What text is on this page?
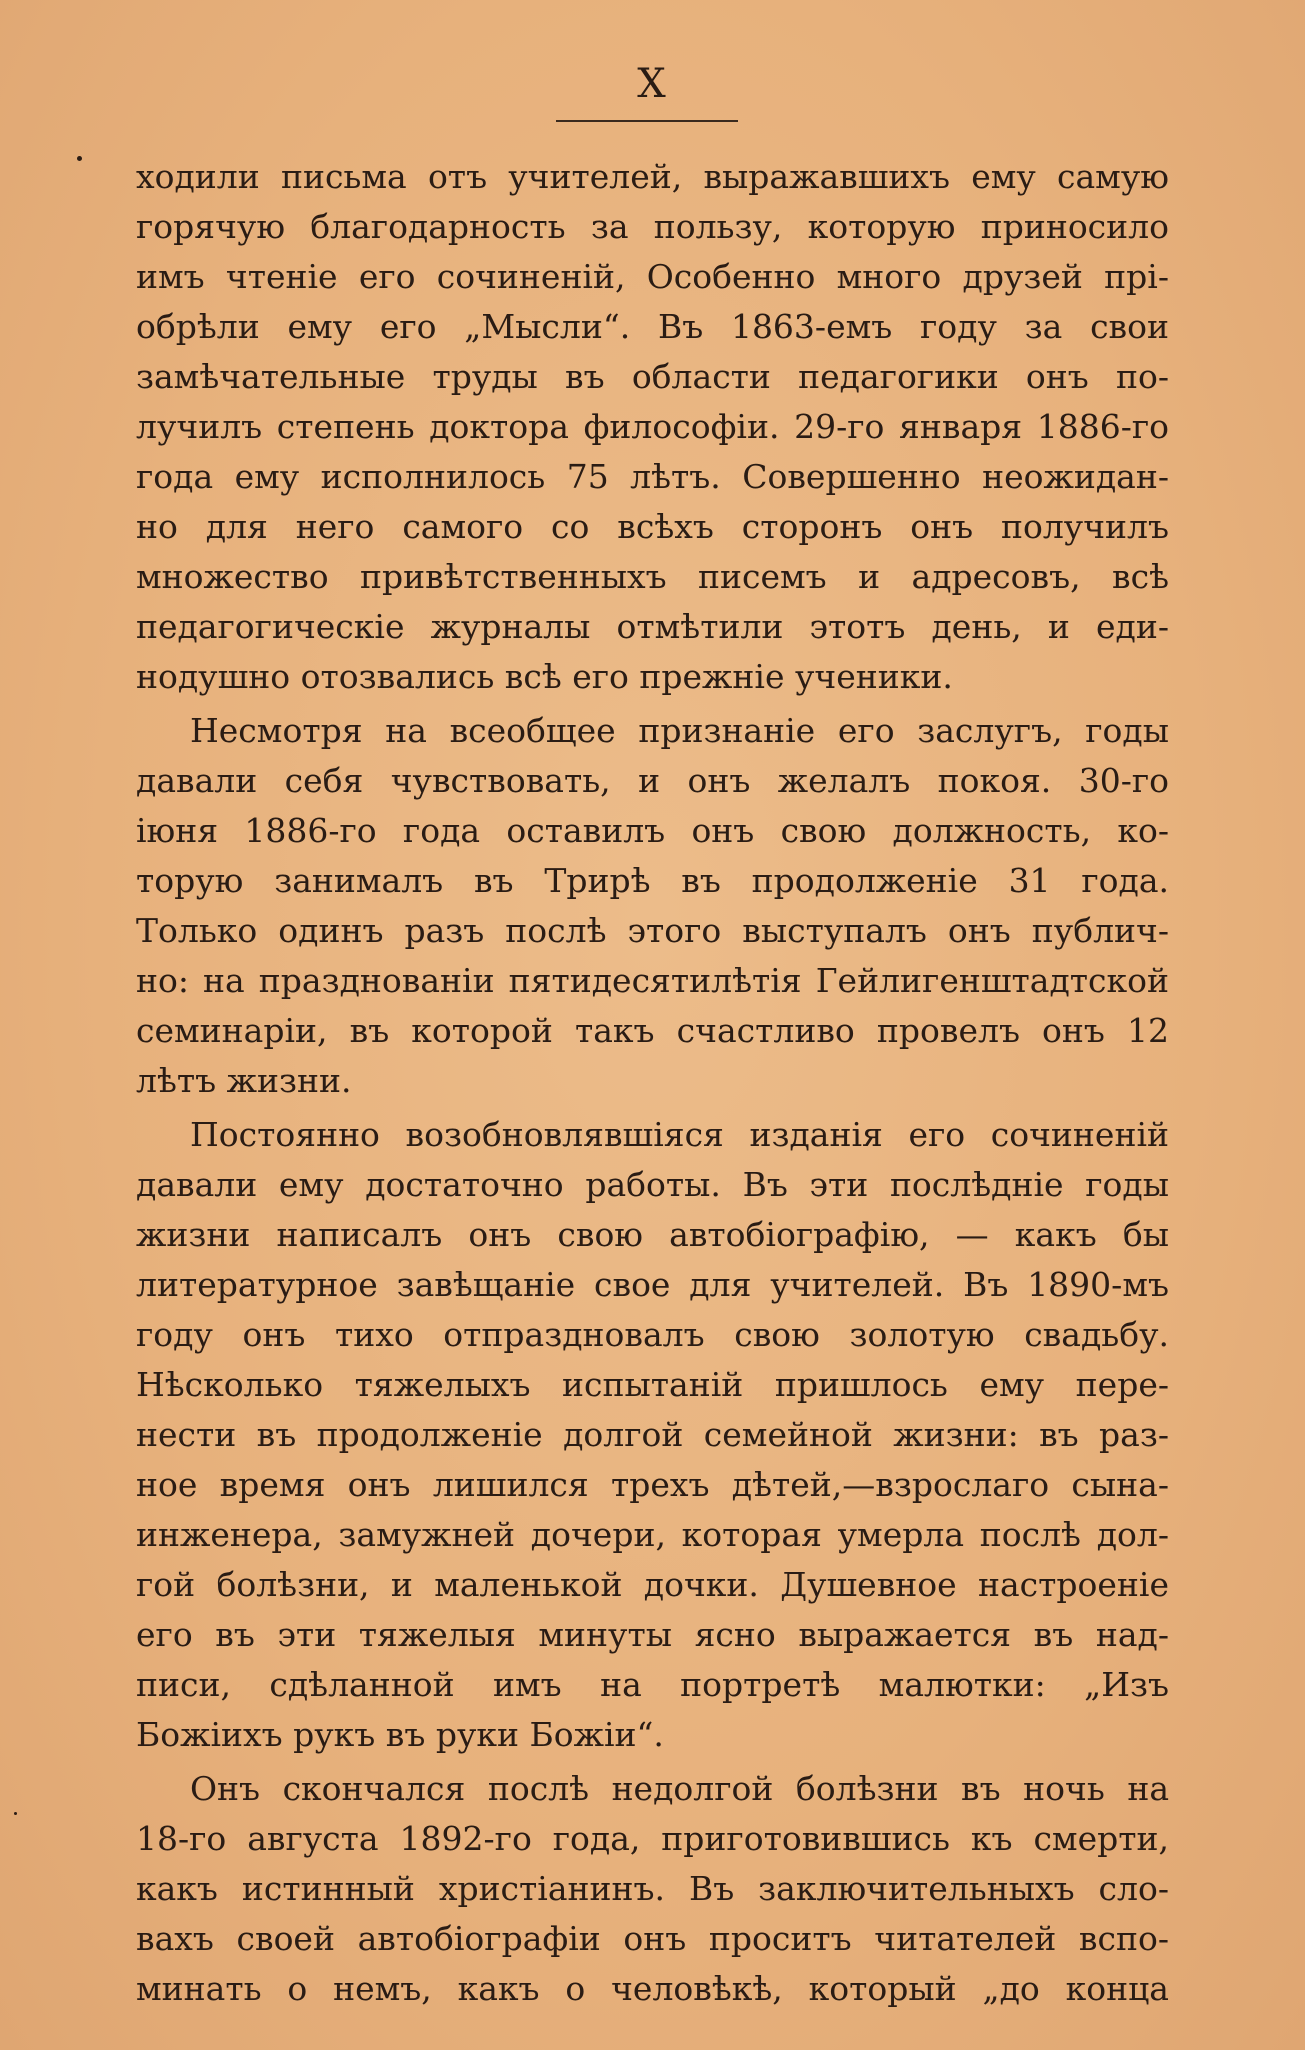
X
ходили письма отъ учителей, выражавшихъ ему самую
горячую благодарность за пользу, которую приносило
имъ чтеніе его сочиненій, Особенно много друзей прі-
обрѣли ему его „Мысли“. Въ 1863-емъ году за свои
замѣчательные труды въ области педагогики онъ по-
лучилъ степень доктора философіи. 29-го января 1886-го
года ему исполнилось 75 лѣтъ. Совершенно неожидан-
но для него самого со всѣхъ сторонъ онъ получилъ
множество привѣтственныхъ писемъ и адресовъ, всѣ
педагогическіе журналы отмѣтили этотъ день, и еди-
нодушно отозвались всѣ его прежніе ученики.
Несмотря на всеобщее признаніе его заслугъ, годы
давали себя чувствовать, и онъ желалъ покоя. 30-го
іюня 1886-го года оставилъ онъ свою должность, ко-
торую занималъ въ Трирѣ въ продолженіе 31 года.
Только одинъ разъ послѣ этого выступалъ онъ публич-
но: на праздновaніи пятидесятилѣтія Гейлигенштадтской
семинаріи, въ которой такъ счастливо провелъ онъ 12
лѣтъ жизни.
Постоянно возобновлявшіяся изданія его сочиненій
давали ему достаточно работы. Въ эти послѣдніе годы
жизни написалъ онъ свою автобіографію, — какъ бы
литературное завѣщаніе свое для учителей. Въ 1890-мъ
году онъ тихо отпраздновалъ свою золотую свадьбу.
Нѣсколько тяжелыхъ испытаній пришлось ему пере-
нести въ продолженіе долгой семейной жизни: въ раз-
ное время онъ лишился трехъ дѣтей,—взрослаго сына-
инженера, замужней дочери, которая умерла послѣ дол-
гой болѣзни, и маленькой дочки. Душевное настроеніе
его въ эти тяжелыя минуты ясно выражается въ над-
писи, сдѣланной имъ на портретѣ малютки: „Изъ
Божіихъ рукъ въ руки Божіи“.
Онъ скончался послѣ недолгой болѣзни въ ночь на
18-го августа 1892-го года, приготовившись къ смерти,
какъ истинный христіанинъ. Въ заключительныхъ сло-
вахъ своей автобіографіи онъ проситъ читателей вспо-
минать о немъ, какъ о человѣкѣ, который „до конца
